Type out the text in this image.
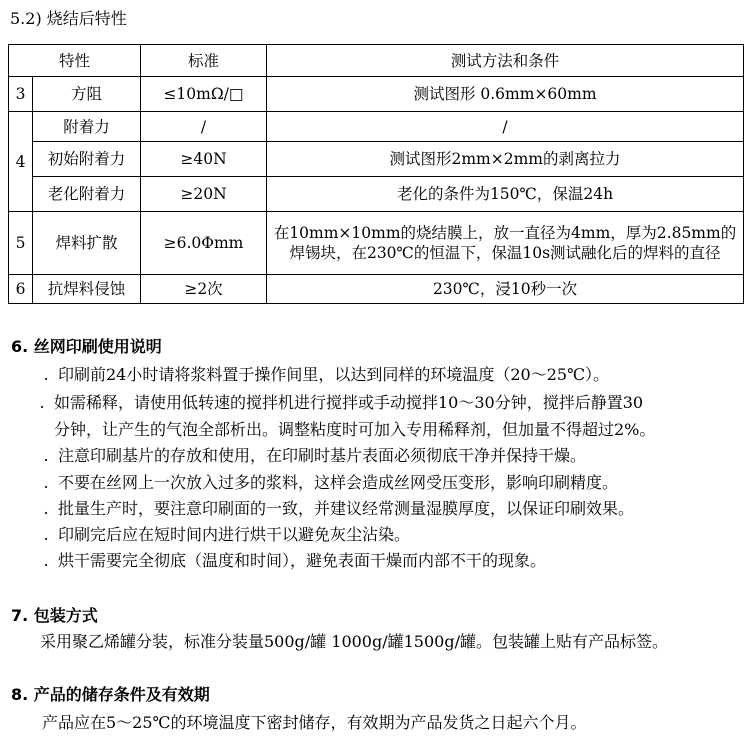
5.2) 烧结后特性
特性		标准	测试方法和条件
3	方阻	≤10mΩ/□	测试图形 0.6mm×60mm
4	附着力	/	/
	初始附着力	≥40N	测试图形2mm×2mm的剥离拉力
	老化附着力	≥20N	老化的条件为150℃，保温24h
5	焊料扩散	≥6.0Φmm	在10mm×10mm的烧结膜上，放一直径为4mm，厚为2.85mm的焊锡块，在230℃的恒温下，保温10s测试融化后的焊料的直径
6	抗焊料侵蚀	≥2次	230℃，浸10秒一次
6. 丝网印刷使用说明
. 印刷前24小时请将浆料置于操作间里，以达到同样的环境温度（20～25℃）。
. 如需稀释，请使用低转速的搅拌机进行搅拌或手动搅拌10～30分钟，搅拌后静置30
分钟，让产生的气泡全部析出。调整粘度时可加入专用稀释剂，但加量不得超过2%。
. 注意印刷基片的存放和使用，在印刷时基片表面必须彻底干净并保持干燥。
. 不要在丝网上一次放入过多的浆料，这样会造成丝网受压变形，影响印刷精度。
. 批量生产时，要注意印刷面的一致，并建议经常测量湿膜厚度，以保证印刷效果。
. 印刷完后应在短时间内进行烘干以避免灰尘沾染。
. 烘干需要完全彻底（温度和时间），避免表面干燥而内部不干的现象。
7. 包装方式
采用聚乙烯罐分装，标准分装量500g/罐 1000g/罐1500g/罐。包装罐上贴有产品标签。
8. 产品的储存条件及有效期
产品应在5～25℃的环境温度下密封储存，有效期为产品发货之日起六个月。
